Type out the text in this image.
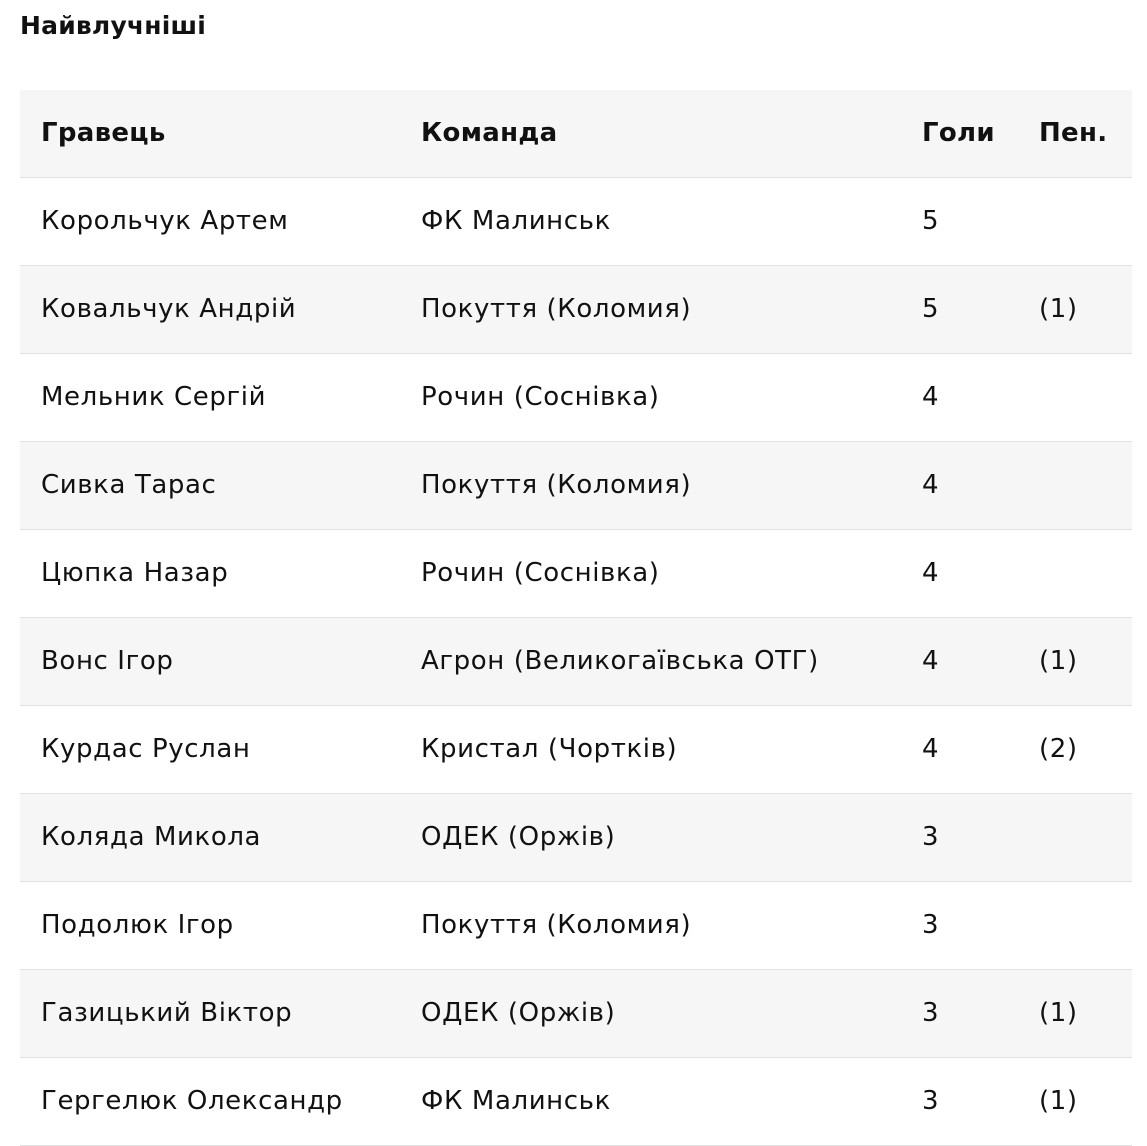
Найвлучніші
Гравець	Команда	Голи Пен.
Корольчук Артем	ФК Малинськ	5
Ковальчук Андрій	Покуття (Коломия)	5	(1)
Мельник Сергій	Рочин (Соснівка)	4
Сивка Тарас	Покуття (Коломия)	4
Цюпка Назар	Рочин (Соснівка)	4
Вонс Ігор	Агрон (Великогаївська ОТГ)	4	(1)
Курдас Руслан	Кристал (Чортків)	4	(2)
Коляда Микола	ОДЕК (Оржів)	3
Подолюк Ігор	Покуття (Коломия)	3
Газицький Віктор	ОДЕК (Оржів)	3	(1)
Гергелюк Олександр	ФК Малинськ	3	(1)
